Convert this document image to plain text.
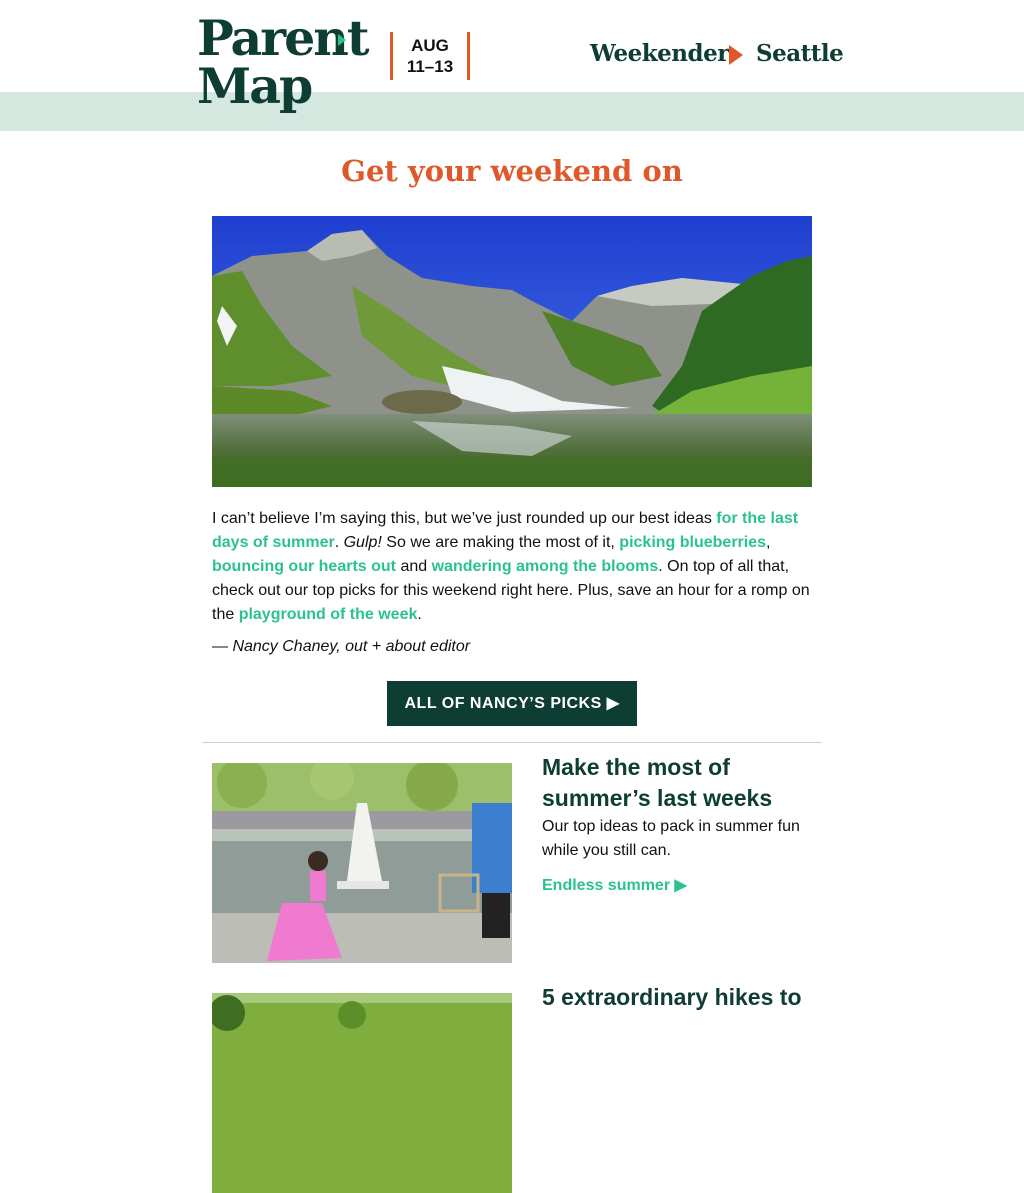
Parent
Map
AUG
11–13	Weekender Seattle
Get your weekend on
I can’t believe I’m saying this, but we’ve just rounded up our best ideas for the last days of summer. Gulp! So we are making the most of it, picking blueberries, bouncing our hearts out and wandering among the blooms. On top of all that, check out our top picks for this weekend right here. Plus, save an hour for a romp on the playground of the week.
— Nancy Chaney, out + about editor
ALL OF NANCY’S PICKS ▶
Make the most of summer’s last weeks
Our top ideas to pack in summer fun while you still can.
Endless summer ▶
5 extraordinary hikes to
